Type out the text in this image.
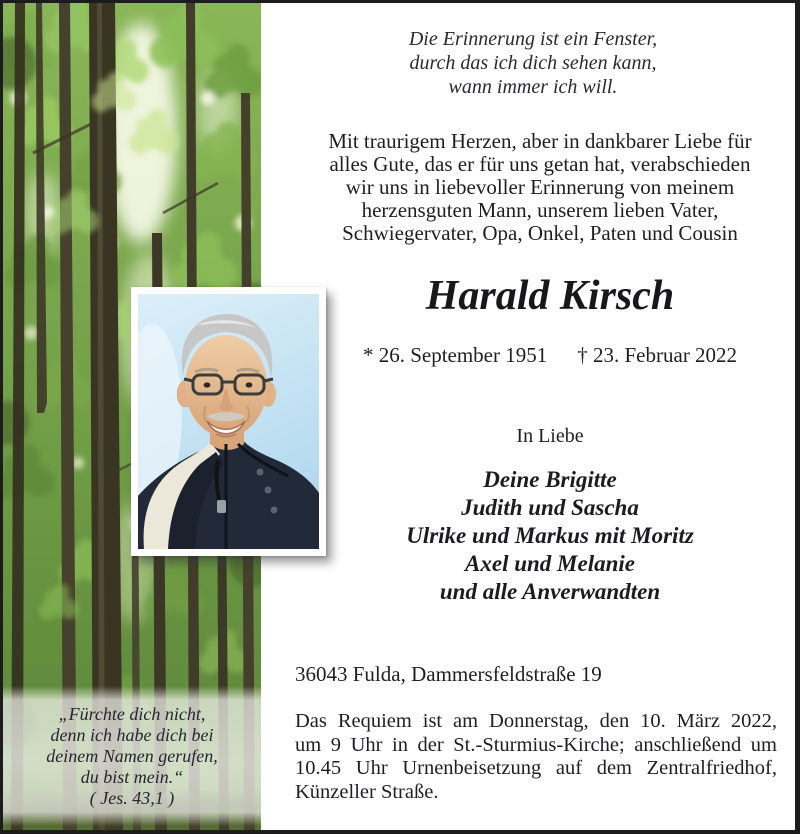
„Fürchte dich nicht,
denn ich habe dich bei
deinem Namen gerufen,
du bist mein.“
( Jes. 43,1 )
Die Erinnerung ist ein Fenster,
durch das ich dich sehen kann,
wann immer ich will.
Mit traurigem Herzen, aber in dankbarer Liebe für
alles Gute, das er für uns getan hat, verabschieden
wir uns in liebevoller Erinnerung von meinem
herzensguten Mann, unserem lieben Vater,
Schwiegervater, Opa, Onkel, Paten und Cousin
Harald Kirsch
* 26. September 1951 † 23. Februar 2022
In Liebe
Deine Brigitte
Judith und Sascha
Ulrike und Markus mit Moritz
Axel und Melanie
und alle Anverwandten
36043 Fulda, Dammersfeldstraße 19
Das Requiem ist am Donnerstag, den 10. März 2022,
um 9 Uhr in der St.-Sturmius-Kirche; anschließend um
10.45 Uhr Urnenbeisetzung auf dem Zentralfriedhof,
Künzeller Straße.
